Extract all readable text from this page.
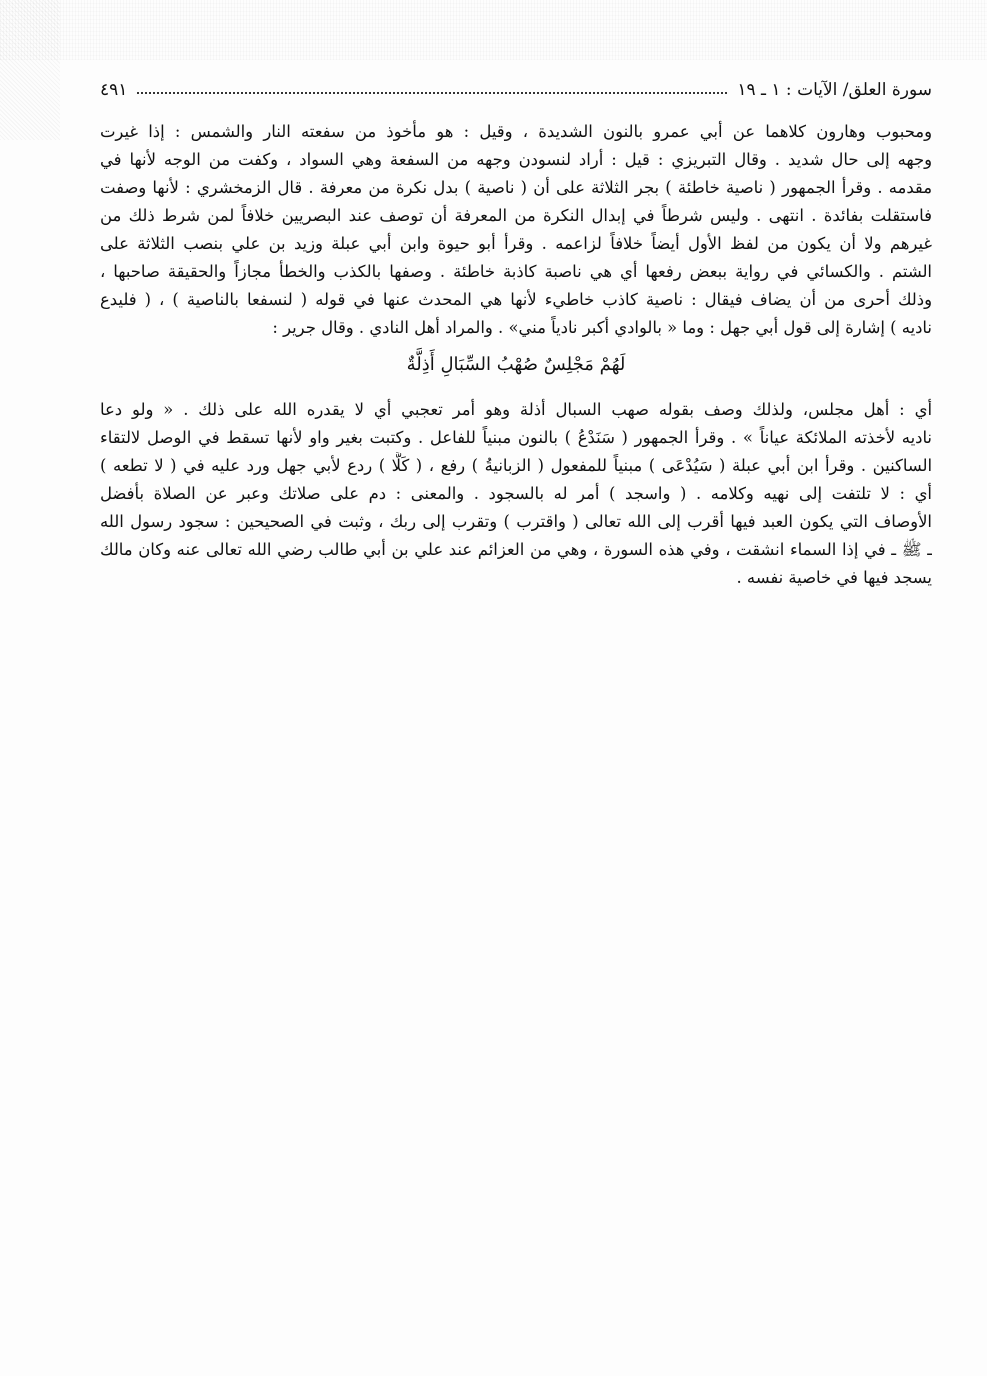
سورة العلق/ الآيات : ١ ـ ١٩
٤٩١
ومحبوب وهارون كلاهما عن أبي عمرو بالنون الشديدة ، وقيل : هو مأخوذ من سفعته النار والشمس : إذا غيرت
وجهه إلى حال شديد . وقال التبريزي : قيل : أراد لنسودن وجهه من السفعة وهي السواد ، وكفت من الوجه لأنها في
مقدمه . وقرأ الجمهور ( ناصية خاطئة ) بجر الثلاثة على أن ( ناصية ) بدل نكرة من معرفة . قال الزمخشري : لأنها وصفت
فاستقلت بفائدة . انتهى . وليس شرطاً في إبدال النكرة من المعرفة أن توصف عند البصريين خلافاً لمن شرط ذلك من
غيرهم ولا أن يكون من لفظ الأول أيضاً خلافاً لزاعمه . وقرأ أبو حيوة وابن أبي عبلة وزيد بن علي بنصب الثلاثة على
الشتم . والكسائي في رواية ببعض رفعها أي هي ناصبة كاذبة خاطئة . وصفها بالكذب والخطأ مجازاً والحقيقة صاحبها ،
وذلك أحرى من أن يضاف فيقال : ناصية كاذب خاطيء لأنها هي المحدث عنها في قوله ( لنسفعا بالناصية ) ، ( فليدع
ناديه ) إشارة إلى قول أبي جهل : وما « بالوادي أكبر نادياً مني» . والمراد أهل النادي . وقال جرير :
لَهُمْ مَجْلِسٌ صُهْبُ السِّبَالِ أَذِلَّةٌ
أي : أهل مجلس، ولذلك وصف بقوله صهب السبال أذلة وهو أمر تعجبي أي لا يقدره الله على ذلك . « ولو دعا
ناديه لأخذته الملائكة عياناً » . وقرأ الجمهور ( سَنَدْعُ ) بالنون مبنياً للفاعل . وكتبت بغير واو لأنها تسقط في الوصل لالتقاء
الساكنين . وقرأ ابن أبي عبلة ( سَيُدْعَى ) مبنياً للمفعول ( الزبانيةُ ) رفع ، ( كَلَّا ) ردع لأبي جهل ورد عليه في ( لا تطعه )
أي : لا تلتفت إلى نهيه وكلامه . ( واسجد ) أمر له بالسجود . والمعنى : دم على صلاتك وعبر عن الصلاة بأفضل
الأوصاف التي يكون العبد فيها أقرب إلى الله تعالى ( واقترب ) وتقرب إلى ربك ، وثبت في الصحيحين : سجود رسول الله
ـ ﷺ ـ في إذا السماء انشقت ، وفي هذه السورة ، وهي من العزائم عند علي بن أبي طالب رضي الله تعالى عنه وكان مالك
يسجد فيها في خاصية نفسه .
